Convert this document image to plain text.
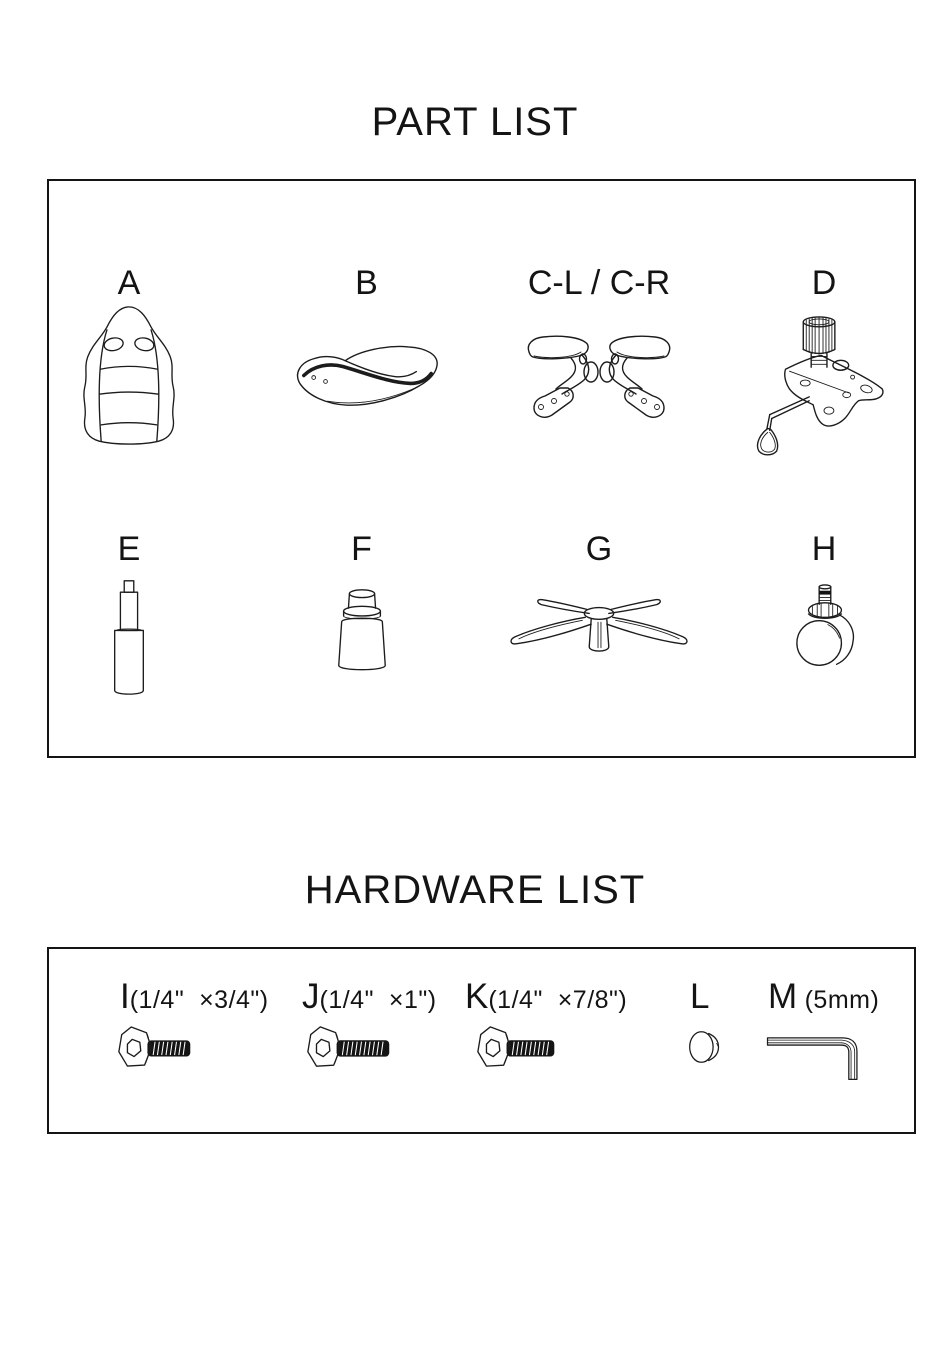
PART LIST
A	B	C-L / C-R	D
E	F	G	H
HARDWARE LIST
I (1/4"  ×3/4") J (1/4"  ×1") K (1/4"  ×7/8") L M (5mm)
